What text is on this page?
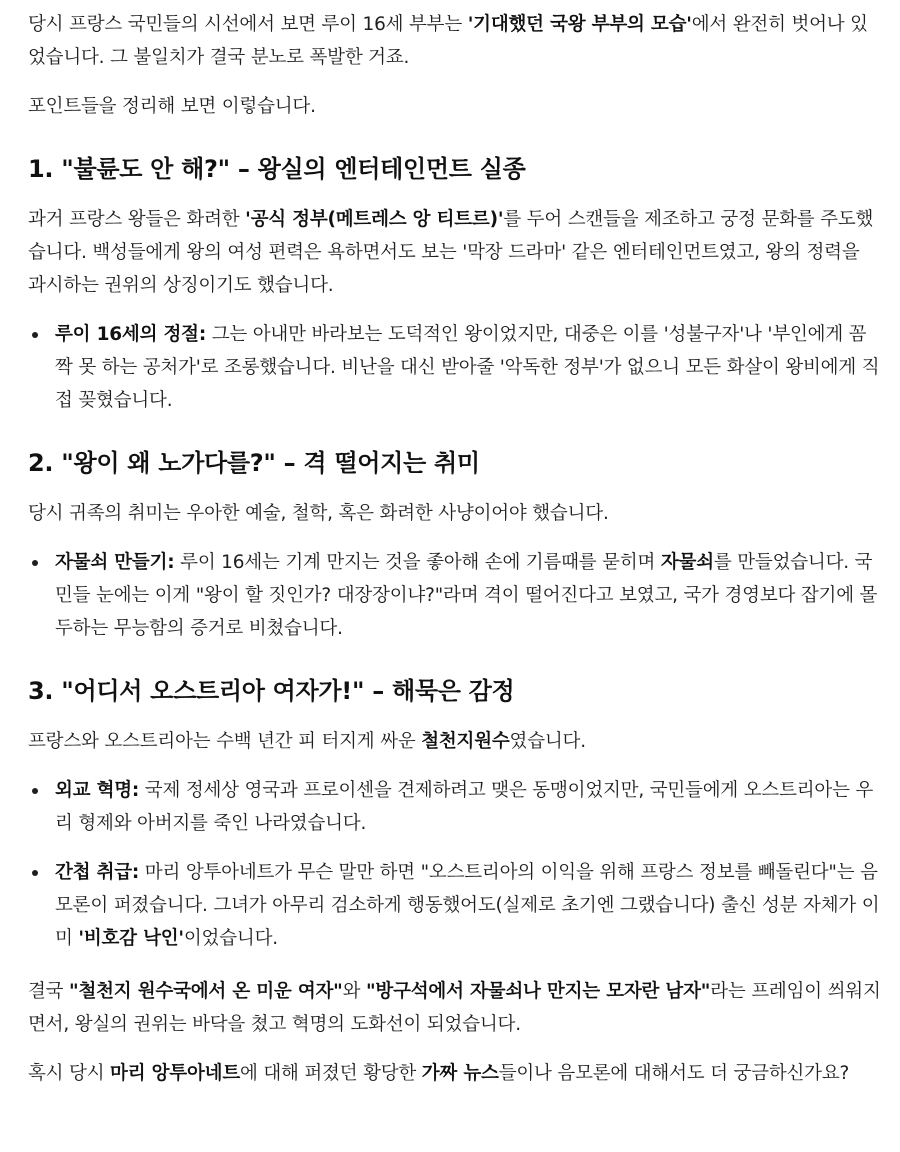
당시 프랑스 국민들의 시선에서 보면 루이 16세 부부는 '기대했던 국왕 부부의 모습'에서 완전히 벗어나 있었습니다. 그 불일치가 결국 분노로 폭발한 거죠.

포인트들을 정리해 보면 이렇습니다.

1. "불륜도 안 해?" – 왕실의 엔터테인먼트 실종

과거 프랑스 왕들은 화려한 '공식 정부(메트레스 앙 티트르)'를 두어 스캔들을 제조하고 궁정 문화를 주도했습니다. 백성들에게 왕의 여성 편력은 욕하면서도 보는 '막장 드라마' 같은 엔터테인먼트였고, 왕의 정력을 과시하는 권위의 상징이기도 했습니다.

루이 16세의 정절: 그는 아내만 바라보는 도덕적인 왕이었지만, 대중은 이를 '성불구자'나 '부인에게 꼼짝 못 하는 공처가'로 조롱했습니다. 비난을 대신 받아줄 '악독한 정부'가 없으니 모든 화살이 왕비에게 직접 꽂혔습니다.
2. "왕이 왜 노가다를?" – 격 떨어지는 취미

당시 귀족의 취미는 우아한 예술, 철학, 혹은 화려한 사냥이어야 했습니다.

자물쇠 만들기: 루이 16세는 기계 만지는 것을 좋아해 손에 기름때를 묻히며 자물쇠를 만들었습니다. 국민들 눈에는 이게 "왕이 할 짓인가? 대장장이냐?"라며 격이 떨어진다고 보였고, 국가 경영보다 잡기에 몰두하는 무능함의 증거로 비쳤습니다.
3. "어디서 오스트리아 여자가!" – 해묵은 감정

프랑스와 오스트리아는 수백 년간 피 터지게 싸운 철천지원수였습니다.

외교 혁명: 국제 정세상 영국과 프로이센을 견제하려고 맺은 동맹이었지만, 국민들에게 오스트리아는 우리 형제와 아버지를 죽인 나라였습니다.
간첩 취급: 마리 앙투아네트가 무슨 말만 하면 "오스트리아의 이익을 위해 프랑스 정보를 빼돌린다"는 음모론이 퍼졌습니다. 그녀가 아무리 검소하게 행동했어도(실제로 초기엔 그랬습니다) 출신 성분 자체가 이미 '비호감 낙인'이었습니다.

결국 "철천지 원수국에서 온 미운 여자"와 "방구석에서 자물쇠나 만지는 모자란 남자"라는 프레임이 씌워지면서, 왕실의 권위는 바닥을 쳤고 혁명의 도화선이 되었습니다.

혹시 당시 마리 앙투아네트에 대해 퍼졌던 황당한 가짜 뉴스들이나 음모론에 대해서도 더 궁금하신가요?
